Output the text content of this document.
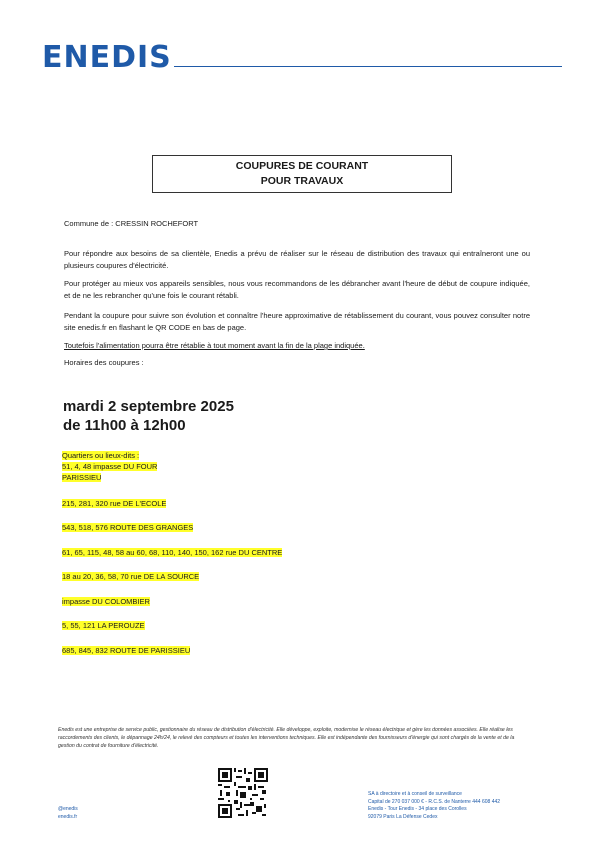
ENEDIS
COUPURES DE COURANT
POUR TRAVAUX
Commune de : CRESSIN ROCHEFORT

Pour répondre aux besoins de sa clientèle, Enedis a prévu de réaliser sur le réseau de distribution des travaux qui entraîneront une ou plusieurs coupures d'électricité.

Pour protéger au mieux vos appareils sensibles, nous vous recommandons de les débrancher avant l'heure de début de coupure indiquée, et de ne les rebrancher qu'une fois le courant rétabli.

Pendant la coupure pour suivre son évolution et connaître l'heure approximative de rétablissement du courant, vous pouvez consulter notre site enedis.fr en flashant le QR CODE en bas de page.

Toutefois l'alimentation pourra être rétablie à tout moment avant la fin de la plage indiquée.

Horaires des coupures :
mardi 2 septembre 2025
de 11h00 à 12h00
Quartiers ou lieux-dits :
51, 4, 48 impasse DU FOUR
PARISSIEU
215, 281, 320 rue DE L'ECOLE
543, 518, 576 ROUTE DES GRANGES
61, 65, 115, 48, 58 au 60, 68, 110, 140, 150, 162 rue DU CENTRE
18 au 20, 36, 58, 70 rue DE LA SOURCE
impasse DU COLOMBIER
5, 55, 121 LA PEROUZE
685, 845, 832 ROUTE DE PARISSIEU

Enedis est une entreprise de service public, gestionnaire du réseau de distribution d'électricité. Elle développe, exploite, modernise le réseau électrique et gère les données associées. Elle réalise les raccordements des clients, le dépannage 24h/24, le relevé des compteurs et toutes les interventions techniques. Elle est indépendante des fournisseurs d'énergie qui sont chargés de la vente et de la gestion du contrat de fourniture d'électricité.

SA à directoire et à conseil de surveillance
Capital de 270 037 000 € - R.C.S. de Nanterre 444 608 442
Enedis - Tour Enedis - 34 place des Corolles
92079 Paris La Défense Cedex
@enedis
enedis.fr
